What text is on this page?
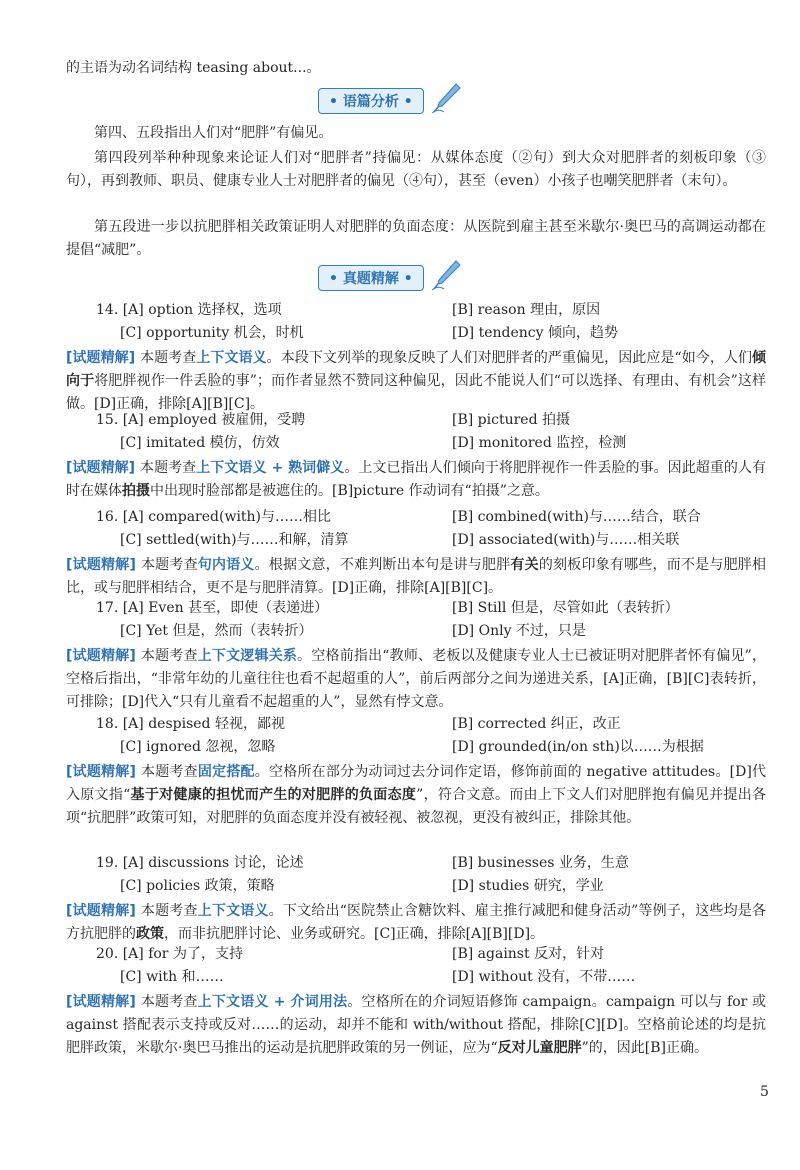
的主语为动名词结构 teasing about...。
• 语篇分析 •
第四、五段指出人们对“肥胖”有偏见。
第四段列举种种现象来论证人们对“肥胖者”持偏见：从媒体态度（②句）到大众对肥胖者的刻板印象（③句），再到教师、职员、健康专业人士对肥胖者的偏见（④句），甚至（even）小孩子也嘲笑肥胖者（末句）。
第五段进一步以抗肥胖相关政策证明人对肥胖的负面态度：从医院到雇主甚至米歇尔·奥巴马的高调运动都在提倡“减肥”。
• 真题精解 •
14. [A] option 选择权，选项	[B] reason 理由，原因
[C] opportunity 机会，时机	[D] tendency 倾向，趋势
[试题精解] 本题考查上下文语义。本段下文列举的现象反映了人们对肥胖者的严重偏见，因此应是“如今，人们倾向于将肥胖视作一件丢脸的事”；而作者显然不赞同这种偏见，因此不能说人们“可以选择、有理由、有机会”这样做。[D]正确，排除[A][B][C]。
15. [A] employed 被雇佣，受聘	[B] pictured 拍摄
[C] imitated 模仿，仿效	[D] monitored 监控，检测
[试题精解] 本题考查上下文语义 + 熟词僻义。上文已指出人们倾向于将肥胖视作一件丢脸的事。因此超重的人有时在媒体拍摄中出现时脸部都是被遮住的。[B]picture 作动词有“拍摄”之意。
16. [A] compared(with)与……相比	[B] combined(with)与……结合，联合
[C] settled(with)与……和解，清算	[D] associated(with)与……相关联
[试题精解] 本题考查句内语义。根据文意，不难判断出本句是讲与肥胖有关的刻板印象有哪些，而不是与肥胖相比，或与肥胖相结合，更不是与肥胖清算。[D]正确，排除[A][B][C]。
17. [A] Even 甚至，即使（表递进）	[B] Still 但是，尽管如此（表转折）
[C] Yet 但是，然而（表转折）	[D] Only 不过，只是
[试题精解] 本题考查上下文逻辑关系。空格前指出“教师、老板以及健康专业人士已被证明对肥胖者怀有偏见”，空格后指出，“非常年幼的儿童往往也看不起超重的人”，前后两部分之间为递进关系，[A]正确，[B][C]表转折，可排除；[D]代入“只有儿童看不起超重的人”，显然有悖文意。
18. [A] despised 轻视，鄙视	[B] corrected 纠正，改正
[C] ignored 忽视，忽略	[D] grounded(in/on sth)以……为根据
[试题精解] 本题考查固定搭配。空格所在部分为动词过去分词作定语，修饰前面的 negative attitudes。[D]代入原文指“基于对健康的担忧而产生的对肥胖的负面态度”，符合文意。而由上下文人们对肥胖抱有偏见并提出各项“抗肥胖”政策可知，对肥胖的负面态度并没有被轻视、被忽视，更没有被纠正，排除其他。
19. [A] discussions 讨论，论述	[B] businesses 业务，生意
[C] policies 政策，策略	[D] studies 研究，学业
[试题精解] 本题考查上下文语义。下文给出“医院禁止含糖饮料、雇主推行减肥和健身活动”等例子，这些均是各方抗肥胖的政策，而非抗肥胖讨论、业务或研究。[C]正确，排除[A][B][D]。
20. [A] for 为了，支持	[B] against 反对，针对
[C] with 和……	[D] without 没有，不带……
[试题精解] 本题考查上下文语义 + 介词用法。空格所在的介词短语修饰 campaign。campaign 可以与 for 或 against 搭配表示支持或反对……的运动，却并不能和 with/without 搭配，排除[C][D]。空格前论述的均是抗肥胖政策，米歇尔·奥巴马推出的运动是抗肥胖政策的另一例证，应为“反对儿童肥胖”的，因此[B]正确。
5
